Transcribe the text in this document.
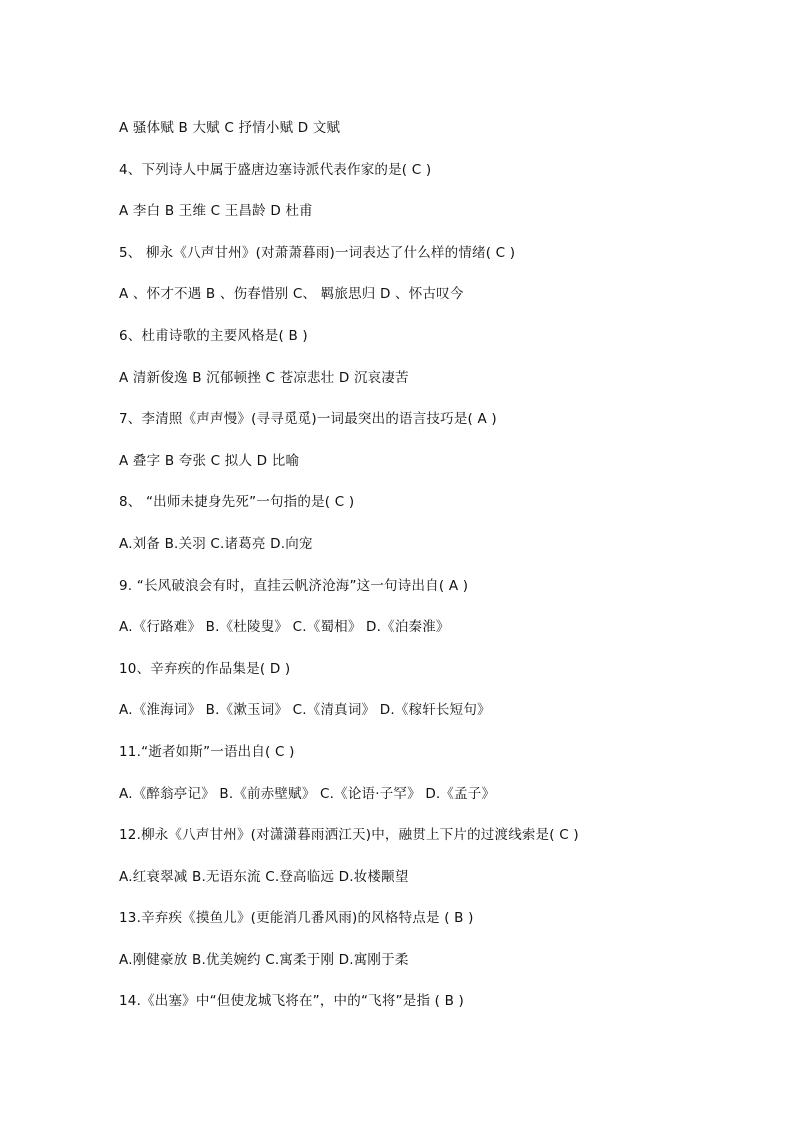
A 骚体赋 B 大赋 C 抒情小赋 D 文赋
4、下列诗人中属于盛唐边塞诗派代表作家的是( C )
A 李白 B 王维 C 王昌龄 D 杜甫
5、 柳永《八声甘州》(对萧萧暮雨)一词表达了什么样的情绪( C )
A 、怀才不遇 B 、伤春惜别 C、 羁旅思归 D 、怀古叹今
6、杜甫诗歌的主要风格是( B )
A 清新俊逸 B 沉郁顿挫 C 苍凉悲壮 D 沉哀凄苦
7、李清照《声声慢》(寻寻觅觅)一词最突出的语言技巧是( A )
A 叠字 B 夸张 C 拟人 D 比喻
8、 “出师未捷身先死”一句指的是( C )
A.刘备 B.关羽 C.诸葛亮 D.向宠
9. “长风破浪会有时，直挂云帆济沧海”这一句诗出自( A )
A.《行路难》 B.《杜陵叟》 C.《蜀相》 D.《泊秦淮》
10、辛弃疾的作品集是( D )
A.《淮海词》 B.《漱玉词》 C.《清真词》 D.《稼轩长短句》
11.“逝者如斯”一语出自( C )
A.《醉翁亭记》 B.《前赤壁赋》 C.《论语·子罕》 D.《孟子》
12.柳永《八声甘州》(对潇潇暮雨洒江天)中，融贯上下片的过渡线索是( C )
A.红衰翠减 B.无语东流 C.登高临远 D.妆楼颙望
13.辛弃疾《摸鱼儿》(更能消几番风雨)的风格特点是 ( B )
A.刚健豪放 B.优美婉约 C.寓柔于刚 D.寓刚于柔
14.《出塞》中“但使龙城飞将在”，中的“飞将”是指 ( B )
